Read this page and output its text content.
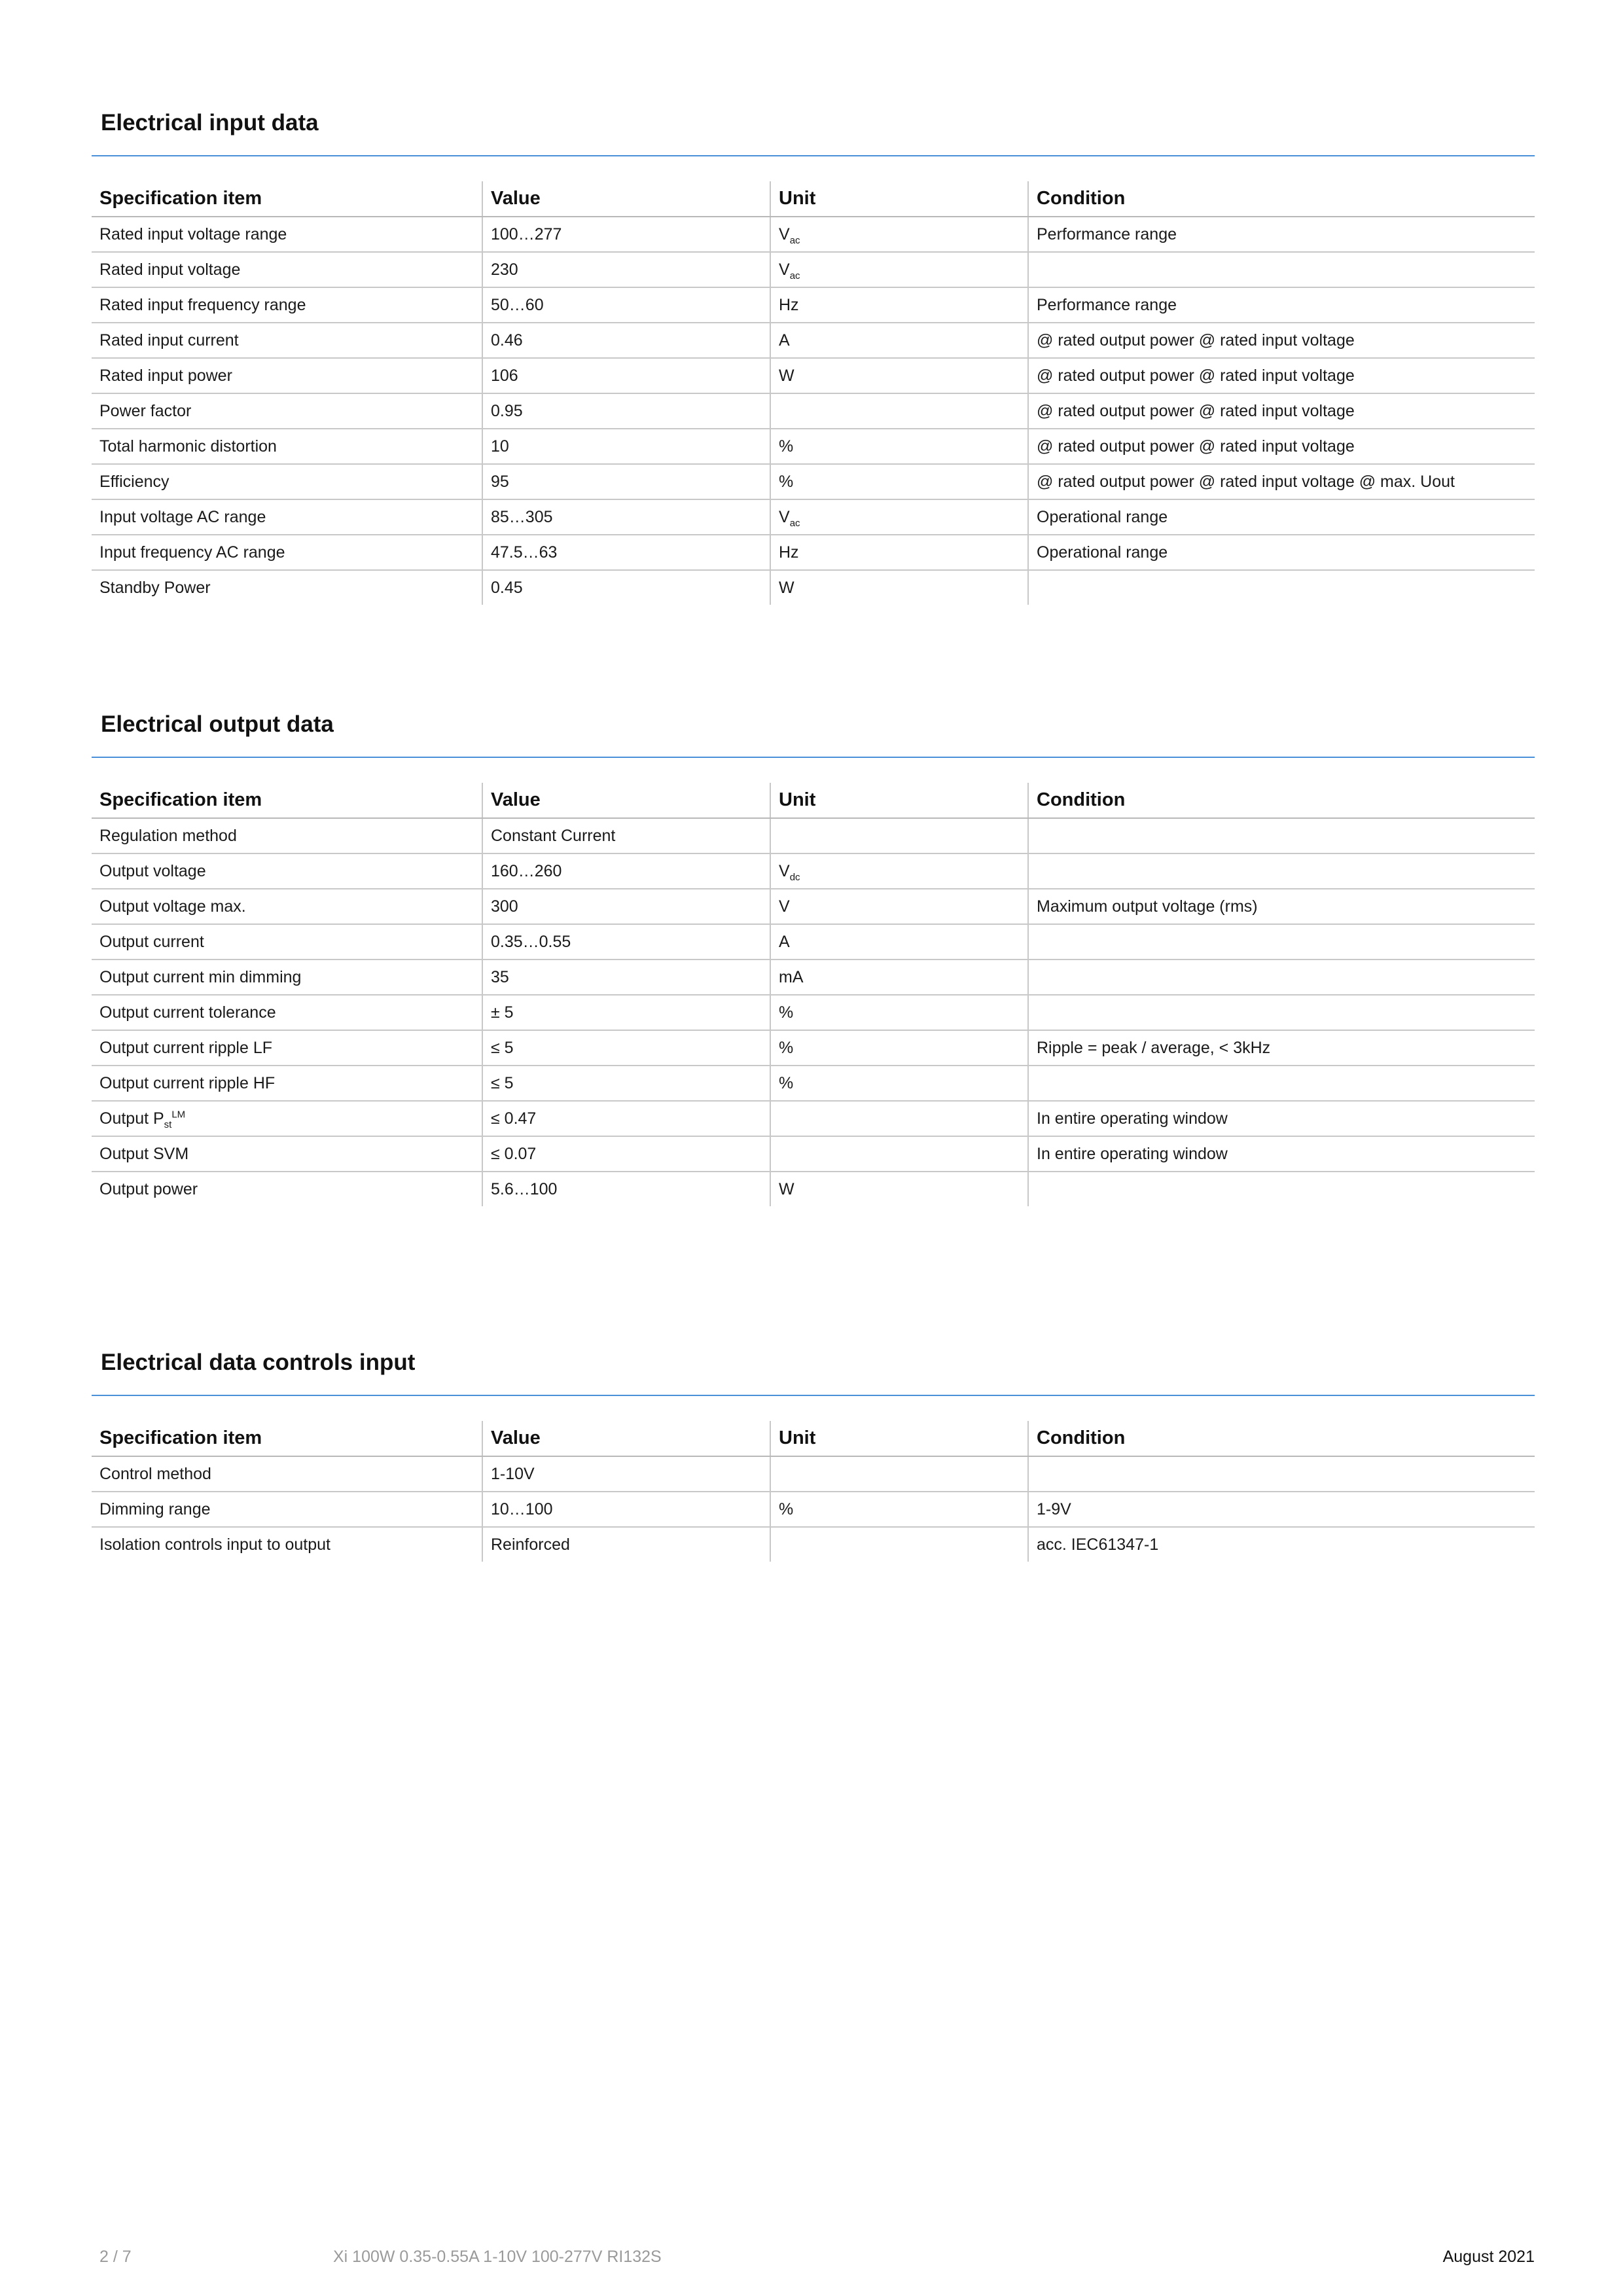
Electrical input data
Specification item	Value	Unit	Condition
Rated input voltage range	100…277	$V_{ac}$	Performance range
Rated input voltage	230	$V_{ac}$	
Rated input frequency range	50…60	Hz	Performance range
Rated input current	0.46	A	@ rated output power @ rated input voltage
Rated input power	106	W	@ rated output power @ rated input voltage
Power factor	0.95		@ rated output power @ rated input voltage
Total harmonic distortion	10	%	@ rated output power @ rated input voltage
Efficiency	95	%	@ rated output power @ rated input voltage @ max. Uout
Input voltage AC range	85…305	$V_{ac}$	Operational range
Input frequency AC range	47.5…63	Hz	Operational range
Standby Power	0.45	W	
Electrical output data
Specification item	Value	Unit	Condition
Regulation method	Constant Current		
Output voltage	160…260	$V_{dc}$	
Output voltage max.	300	V	Maximum output voltage (rms)
Output current	0.35…0.55	A	
Output current min dimming	35	mA	
Output current tolerance	± 5	%	
Output current ripple LF	≤ 5	%	Ripple = peak / average, < 3kHz
Output current ripple HF	≤ 5	%	
Output $P_{st}^{LM}$	≤ 0.47		In entire operating window
Output SVM	≤ 0.07		In entire operating window
Output power	5.6…100	W	
Electrical data controls input
Specification item	Value	Unit	Condition
Control method	1-10V		
Dimming range	10…100	%	1-9V
Isolation controls input to output	Reinforced		acc. IEC61347-1
2 / 7	Xi 100W 0.35-0.55A 1-10V 100-277V RI132S	August 2021
